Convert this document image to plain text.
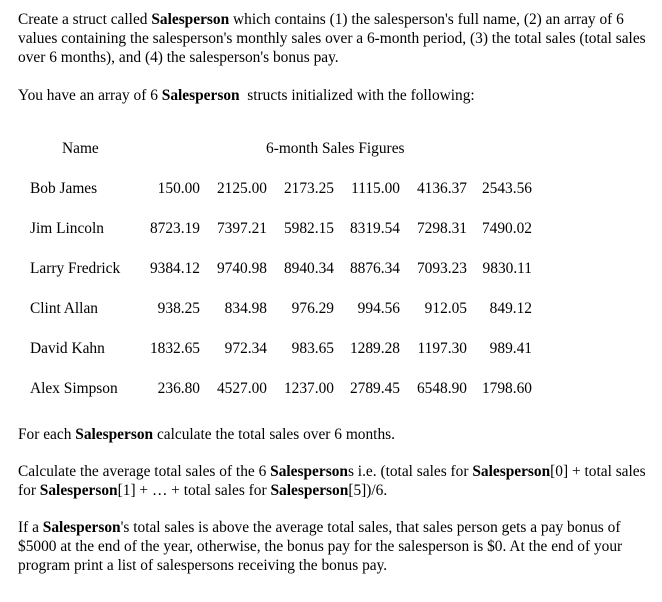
Create a struct called Salesperson which contains (1) the salesperson's full name, (2) an array of 6 values containing the salesperson's monthly sales over a 6-month period, (3) the total sales (total sales over 6 months), and (4) the salesperson's bonus pay.

You have an array of 6 Salesperson  structs initialized with the following:

Name	6-month Sales Figures
Bob James	150.00	2125.00	2173.25	1115.00	4136.37 2543.56
Jim Lincoln	8723.19	7397.21	5982.15	8319.54	7298.31 7490.02
Larry Fredrick	9384.12	9740.98	8940.34	8876.34	7093.23	9830.11
Clint Allan	938.25	834.98	976.29	994.56	912.05	849.12
David Kahn	1832.65	972.34	983.65	1289.28	1197.30	989.41
Alex Simpson	236.80	4527.00	1237.00	2789.45	6548.90 1798.60

For each Salesperson calculate the total sales over 6 months.

Calculate the average total sales of the 6 Salespersons i.e. (total sales for Salesperson[0] + total sales for Salesperson[1] + … + total sales for Salesperson[5])/6.

If a Salesperson's total sales is above the average total sales, that sales person gets a pay bonus of $5000 at the end of the year, otherwise, the bonus pay for the salesperson is $0. At the end of your program print a list of salespersons receiving the bonus pay.
